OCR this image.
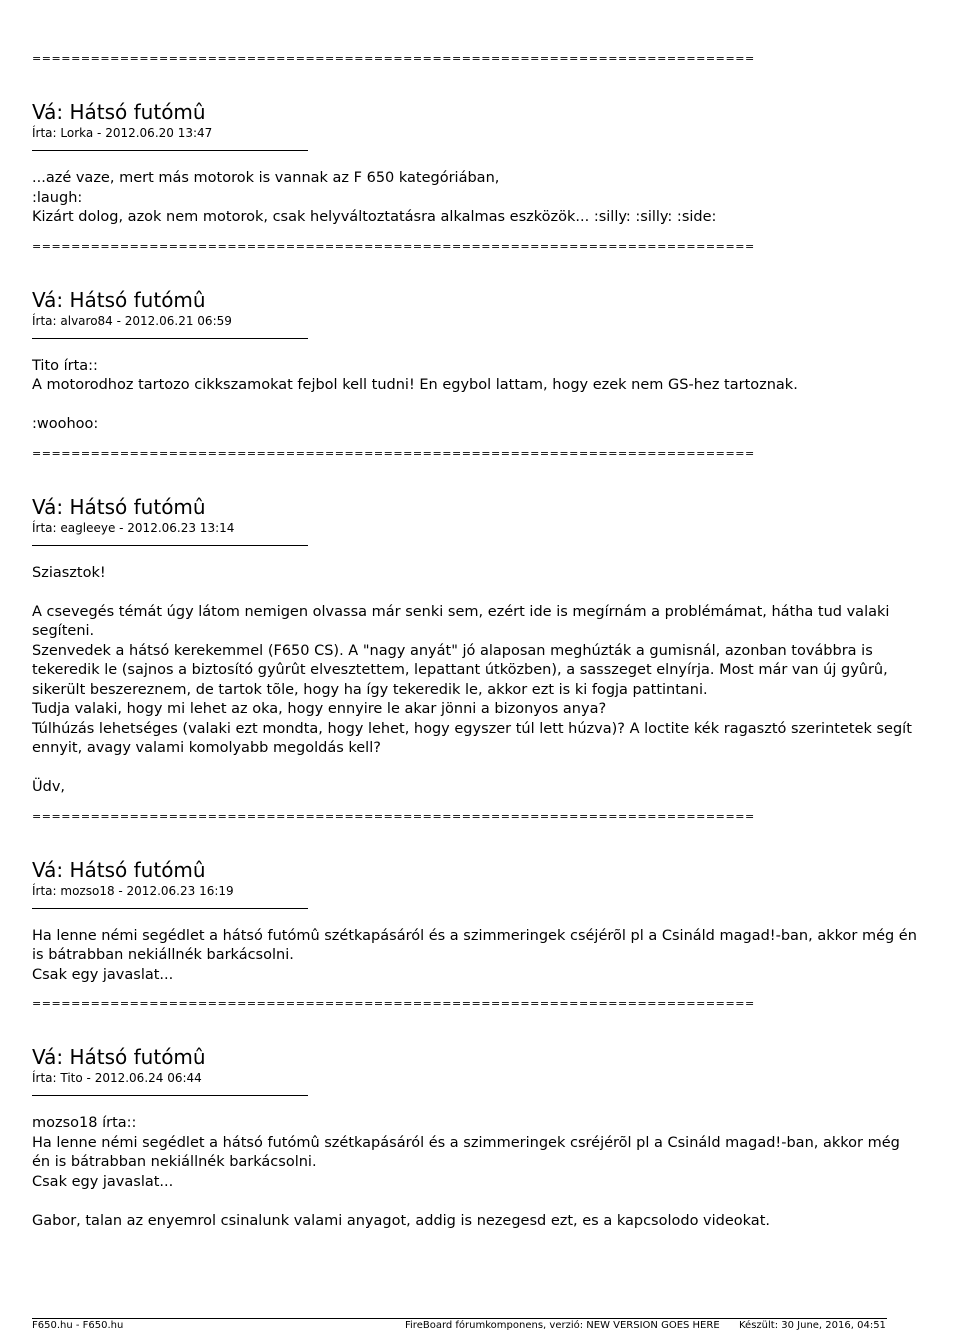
==========================================================================
Vá: Hátsó futómû
Írta: Lorka - 2012.06.20 13:47

...azé vaze, mert más motorok is vannak az F 650 kategóriában,

:laugh:

Kizárt dolog, azok nem motorok, csak helyváltoztatásra alkalmas eszközök... :silly: :silly: :side:

==========================================================================
Vá: Hátsó futómû
Írta: alvaro84 - 2012.06.21 06:59

Tito írta::

A motorodhoz tartozo cikkszamokat fejbol kell tudni! En egybol lattam, hogy ezek nem GS-hez tartoznak.

:woohoo:

==========================================================================
Vá: Hátsó futómû
Írta: eagleeye - 2012.06.23 13:14

Sziasztok!

A csevegés témát úgy látom nemigen olvassa már senki sem, ezért ide is megírnám a problémámat, hátha tud valaki segíteni.

Szenvedek a hátsó kerekemmel (F650 CS). A "nagy anyát" jó alaposan meghúzták a gumisnál, azonban továbbra is tekeredik le (sajnos a biztosító gyûrût elvesztettem, lepattant útközben), a sasszeget elnyírja. Most már van új gyûrû, sikerült beszereznem, de tartok tõle, hogy ha így tekeredik le, akkor ezt is ki fogja pattintani.

Tudja valaki, hogy mi lehet az oka, hogy ennyire le akar jönni a bizonyos anya?

Túlhúzás lehetséges (valaki ezt mondta, hogy lehet, hogy egyszer túl lett húzva)? A loctite kék ragasztó szerintetek segít ennyit, avagy valami komolyabb megoldás kell?

Üdv,

==========================================================================
Vá: Hátsó futómû
Írta: mozso18 - 2012.06.23 16:19

Ha lenne némi segédlet a hátsó futómû szétkapásáról és a szimmeringek cséjérõl pl a Csináld magad!-ban, akkor még én is bátrabban nekiállnék barkácsolni.

Csak egy javaslat...

==========================================================================
Vá: Hátsó futómû
Írta: Tito - 2012.06.24 06:44

mozso18 írta::

Ha lenne némi segédlet a hátsó futómû szétkapásáról és a szimmeringek csréjérõl pl a Csináld magad!-ban, akkor még én is bátrabban nekiállnék barkácsolni.

Csak egy javaslat...

Gabor, talan az enyemrol csinalunk valami anyagot, addig is nezegesd ezt, es a kapcsolodo videokat.

F650.hu - F650.hu	FireBoard fórumkomponens, verzió: NEW VERSION GOES HERE Készült: 30 June, 2016, 04:51
